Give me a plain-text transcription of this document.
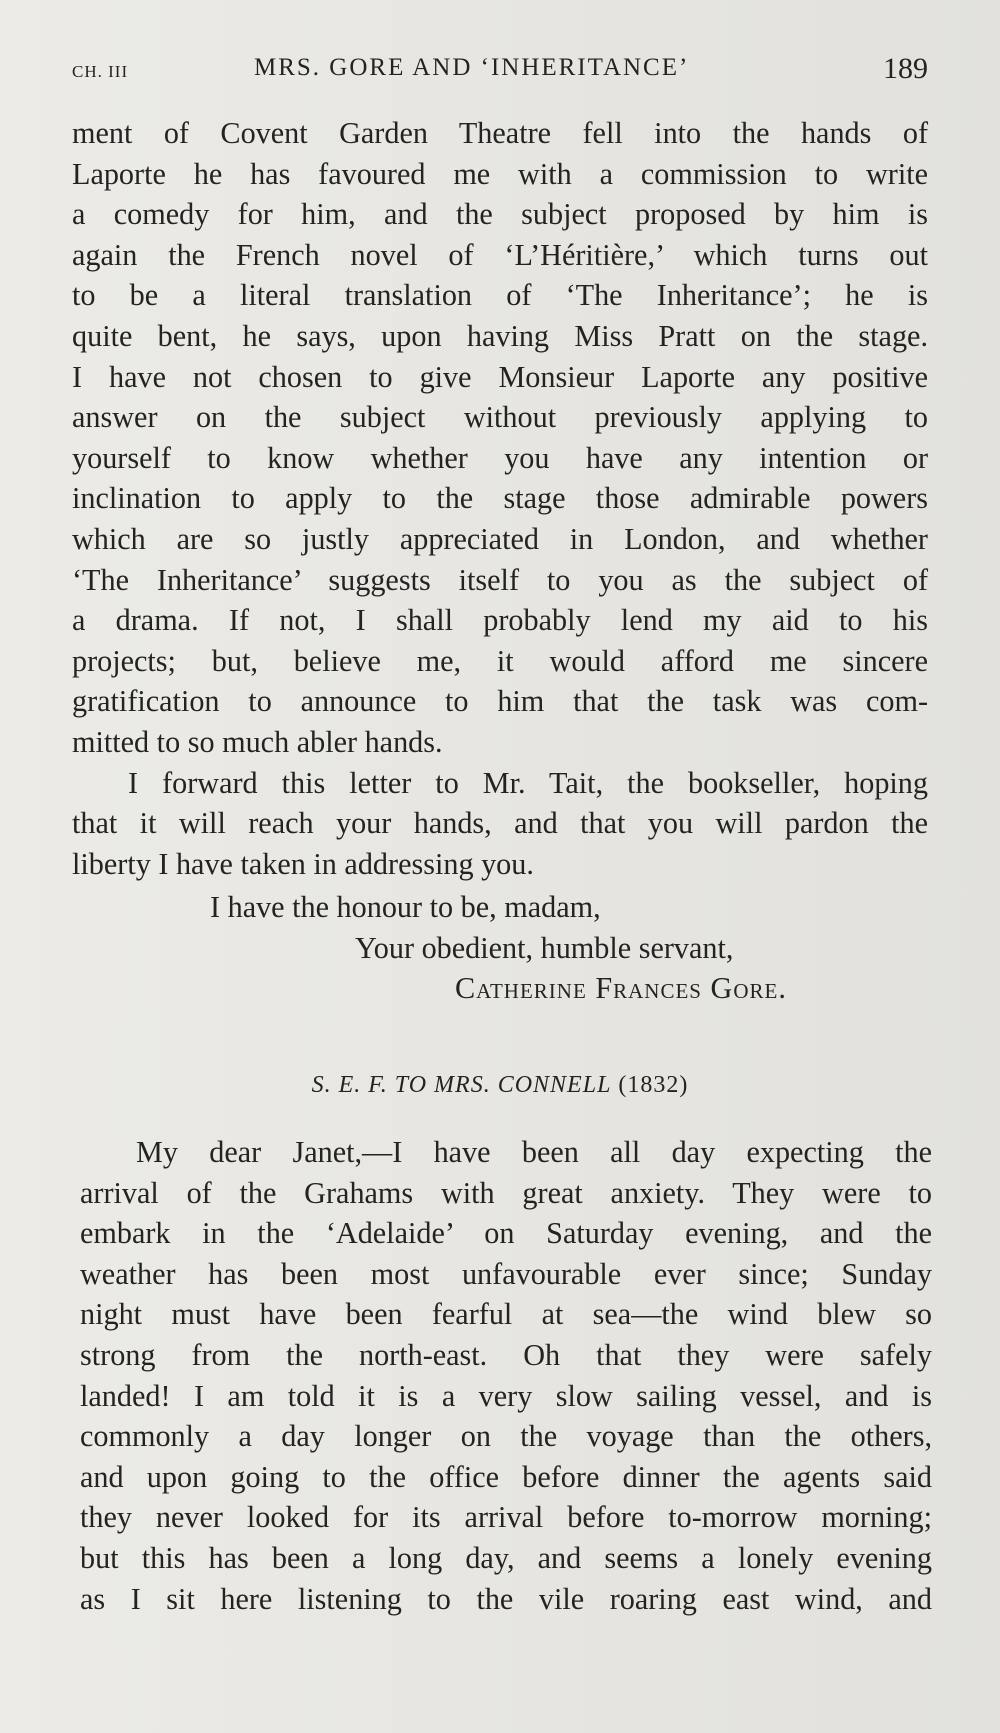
CH. III	MRS. GORE AND ‘INHERITANCE’	189
ment of Covent Garden Theatre fell into the hands of
Laporte he has favoured me with a commission to write
a comedy for him, and the subject proposed by him is
again the French novel of ‘L’Héritière,’ which turns out
to be a literal translation of ‘The Inheritance’; he is
quite bent, he says, upon having Miss Pratt on the stage.
I have not chosen to give Monsieur Laporte any positive
answer on the subject without previously applying to
yourself to know whether you have any intention or
inclination to apply to the stage those admirable powers
which are so justly appreciated in London, and whether
‘The Inheritance’ suggests itself to you as the subject of
a drama. If not, I shall probably lend my aid to his
projects; but, believe me, it would afford me sincere
gratification to announce to him that the task was com-
mitted to so much abler hands.
I forward this letter to Mr. Tait, the bookseller, hoping
that it will reach your hands, and that you will pardon the
liberty I have taken in addressing you.
I have the honour to be, madam,
Your obedient, humble servant,
Catherine Frances Gore.
S. E. F. TO MRS. CONNELL (1832)
My dear Janet,—I have been all day expecting the
arrival of the Grahams with great anxiety. They were to
embark in the ‘Adelaide’ on Saturday evening, and the
weather has been most unfavourable ever since; Sunday
night must have been fearful at sea—the wind blew so
strong from the north-east. Oh that they were safely
landed! I am told it is a very slow sailing vessel, and is
commonly a day longer on the voyage than the others,
and upon going to the office before dinner the agents said
they never looked for its arrival before to-morrow morning;
but this has been a long day, and seems a lonely evening
as I sit here listening to the vile roaring east wind, and
